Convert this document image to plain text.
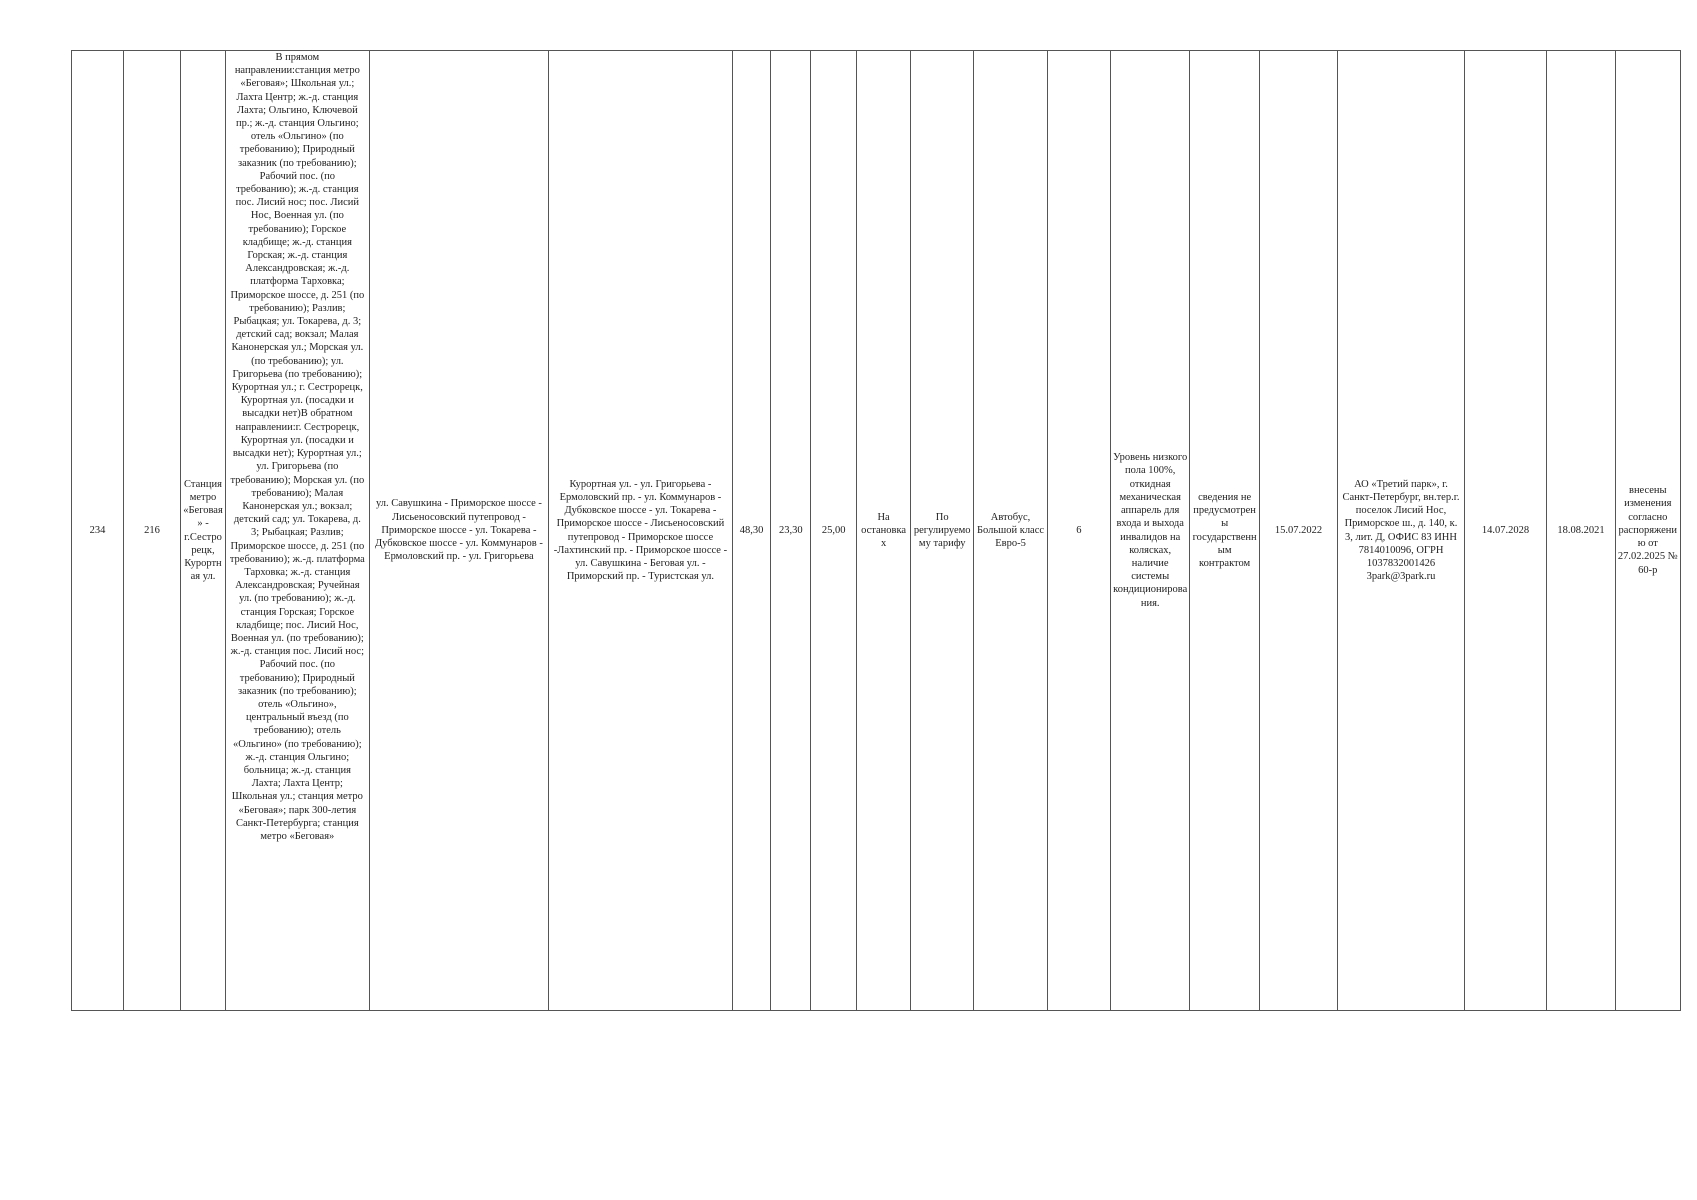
234	216	Станция метро «Беговая» - г.Сестрорецк, Курортная ул.	В прямом направлении:станция метро «Беговая»; Школьная ул.; Лахта Центр; ж.-д. станция Лахта; Ольгино, Ключевой пр.; ж.-д. станция Ольгино; отель «Ольгино» (по требованию); Природный заказник (по требованию); Рабочий пос. (по требованию); ж.-д. станция пос. Лисий нос; пос. Лисий Нос, Военная ул. (по требованию); Горское кладбище; ж.-д. станция Горская; ж.-д. станция Александровская; ж.-д. платформа Тарховка; Приморское шоссе, д. 251 (по требованию); Разлив; Рыбацкая; ул. Токарева, д. 3; детский сад; вокзал; Малая Канонерская ул.; Морская ул. (по требованию); ул. Григорьева (по требованию); Курортная ул.; г. Сестрорецк, Курортная ул. (посадки и высадки нет)В обратном направлении:г. Сестрорецк, Курортная ул. (посадки и высадки нет); Курортная ул.; ул. Григорьева (по требованию); Морская ул. (по требованию); Малая Канонерская ул.; вокзал; детский сад; ул. Токарева, д. 3; Рыбацкая; Разлив; Приморское шоссе, д. 251 (по требованию); ж.-д. платформа Тарховка; ж.-д. станция Александровская; Ручейная ул. (по требованию); ж.-д. станция Горская; Горское кладбище; пос. Лисий Нос, Военная ул. (по требованию); ж.-д. станция пос. Лисий нос; Рабочий пос. (по требованию); Природный заказник (по требованию); отель «Ольгино», центральный въезд (по требованию); отель «Ольгино» (по требованию); ж.-д. станция Ольгино; больница; ж.-д. станция Лахта; Лахта Центр; Школьная ул.; станция метро «Беговая»; парк 300-летия Санкт-Петербурга; станция метро «Беговая»	ул. Савушкина - Приморское шоссе - Лисьеносовский путепровод - Приморское шоссе - ул. Токарева - Дубковское шоссе - ул. Коммунаров - Ермоловский пр. - ул. Григорьева	Курортная ул. - ул. Григорьева - Ермоловский пр. - ул. Коммунаров - Дубковское шоссе - ул. Токарева - Приморское шоссе - Лисьеносовский путепровод - Приморское шоссе -Лахтинский пр. - Приморское шоссе - ул. Савушкина - Беговая ул. - Приморский пр. - Туристская ул.	48,30	23,30	25,00	На остановках	По регулируемому тарифу	Автобус, Большой класс Евро-5	6	Уровень низкого пола 100%, откидная механическая аппарель для входа и выхода инвалидов на колясках, наличие системы кондиционирования.	сведения не предусмотрены государственным контрактом	15.07.2022	АО «Третий парк», г. Санкт-Петербург, вн.тер.г. поселок Лисий Нос, Приморское ш., д. 140, к. 3, лит. Д, ОФИС 83 ИНН 7814010096, ОГРН 1037832001426 3park@3park.ru	14.07.2028	18.08.2021	внесены изменения согласно распоряжению от 27.02.2025 № 60-р
